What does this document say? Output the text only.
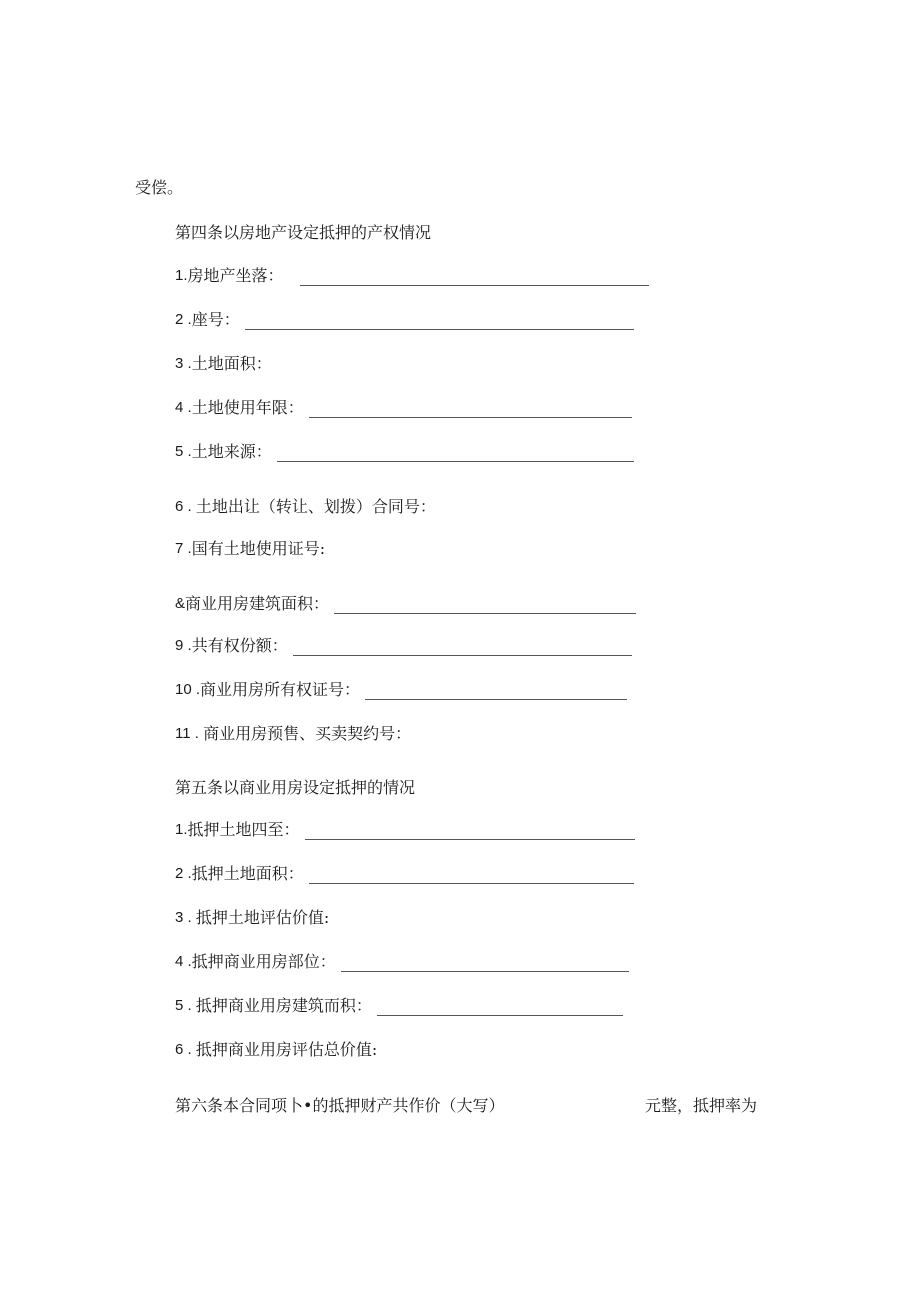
受偿。
第四条以房地产设定抵押的产权情况
1 . 房地产坐落：
2 . 座号：
3 . 土地面积：
4 . 土地使用年限：
5 . 土地来源：
6 . 土地出让（转让、划拨）合同号：
7 . 国有土地使用证号:
& 商业用房建筑面积：
9 . 共有权份额：
10 . 商业用房所有权证号：
11 . 商业用房预售、买卖契约号：
第五条以商业用房设定抵押的情况
1 . 抵押土地四至：
2 . 抵押土地面积：
3 . 抵押土地评估价值:
4 . 抵押商业用房部位：
5 . 抵押商业用房建筑而积：
6 . 抵押商业用房评估总价值:
第六条本合同项卜•的抵押财产共作价（大写）	元整，抵押率为
